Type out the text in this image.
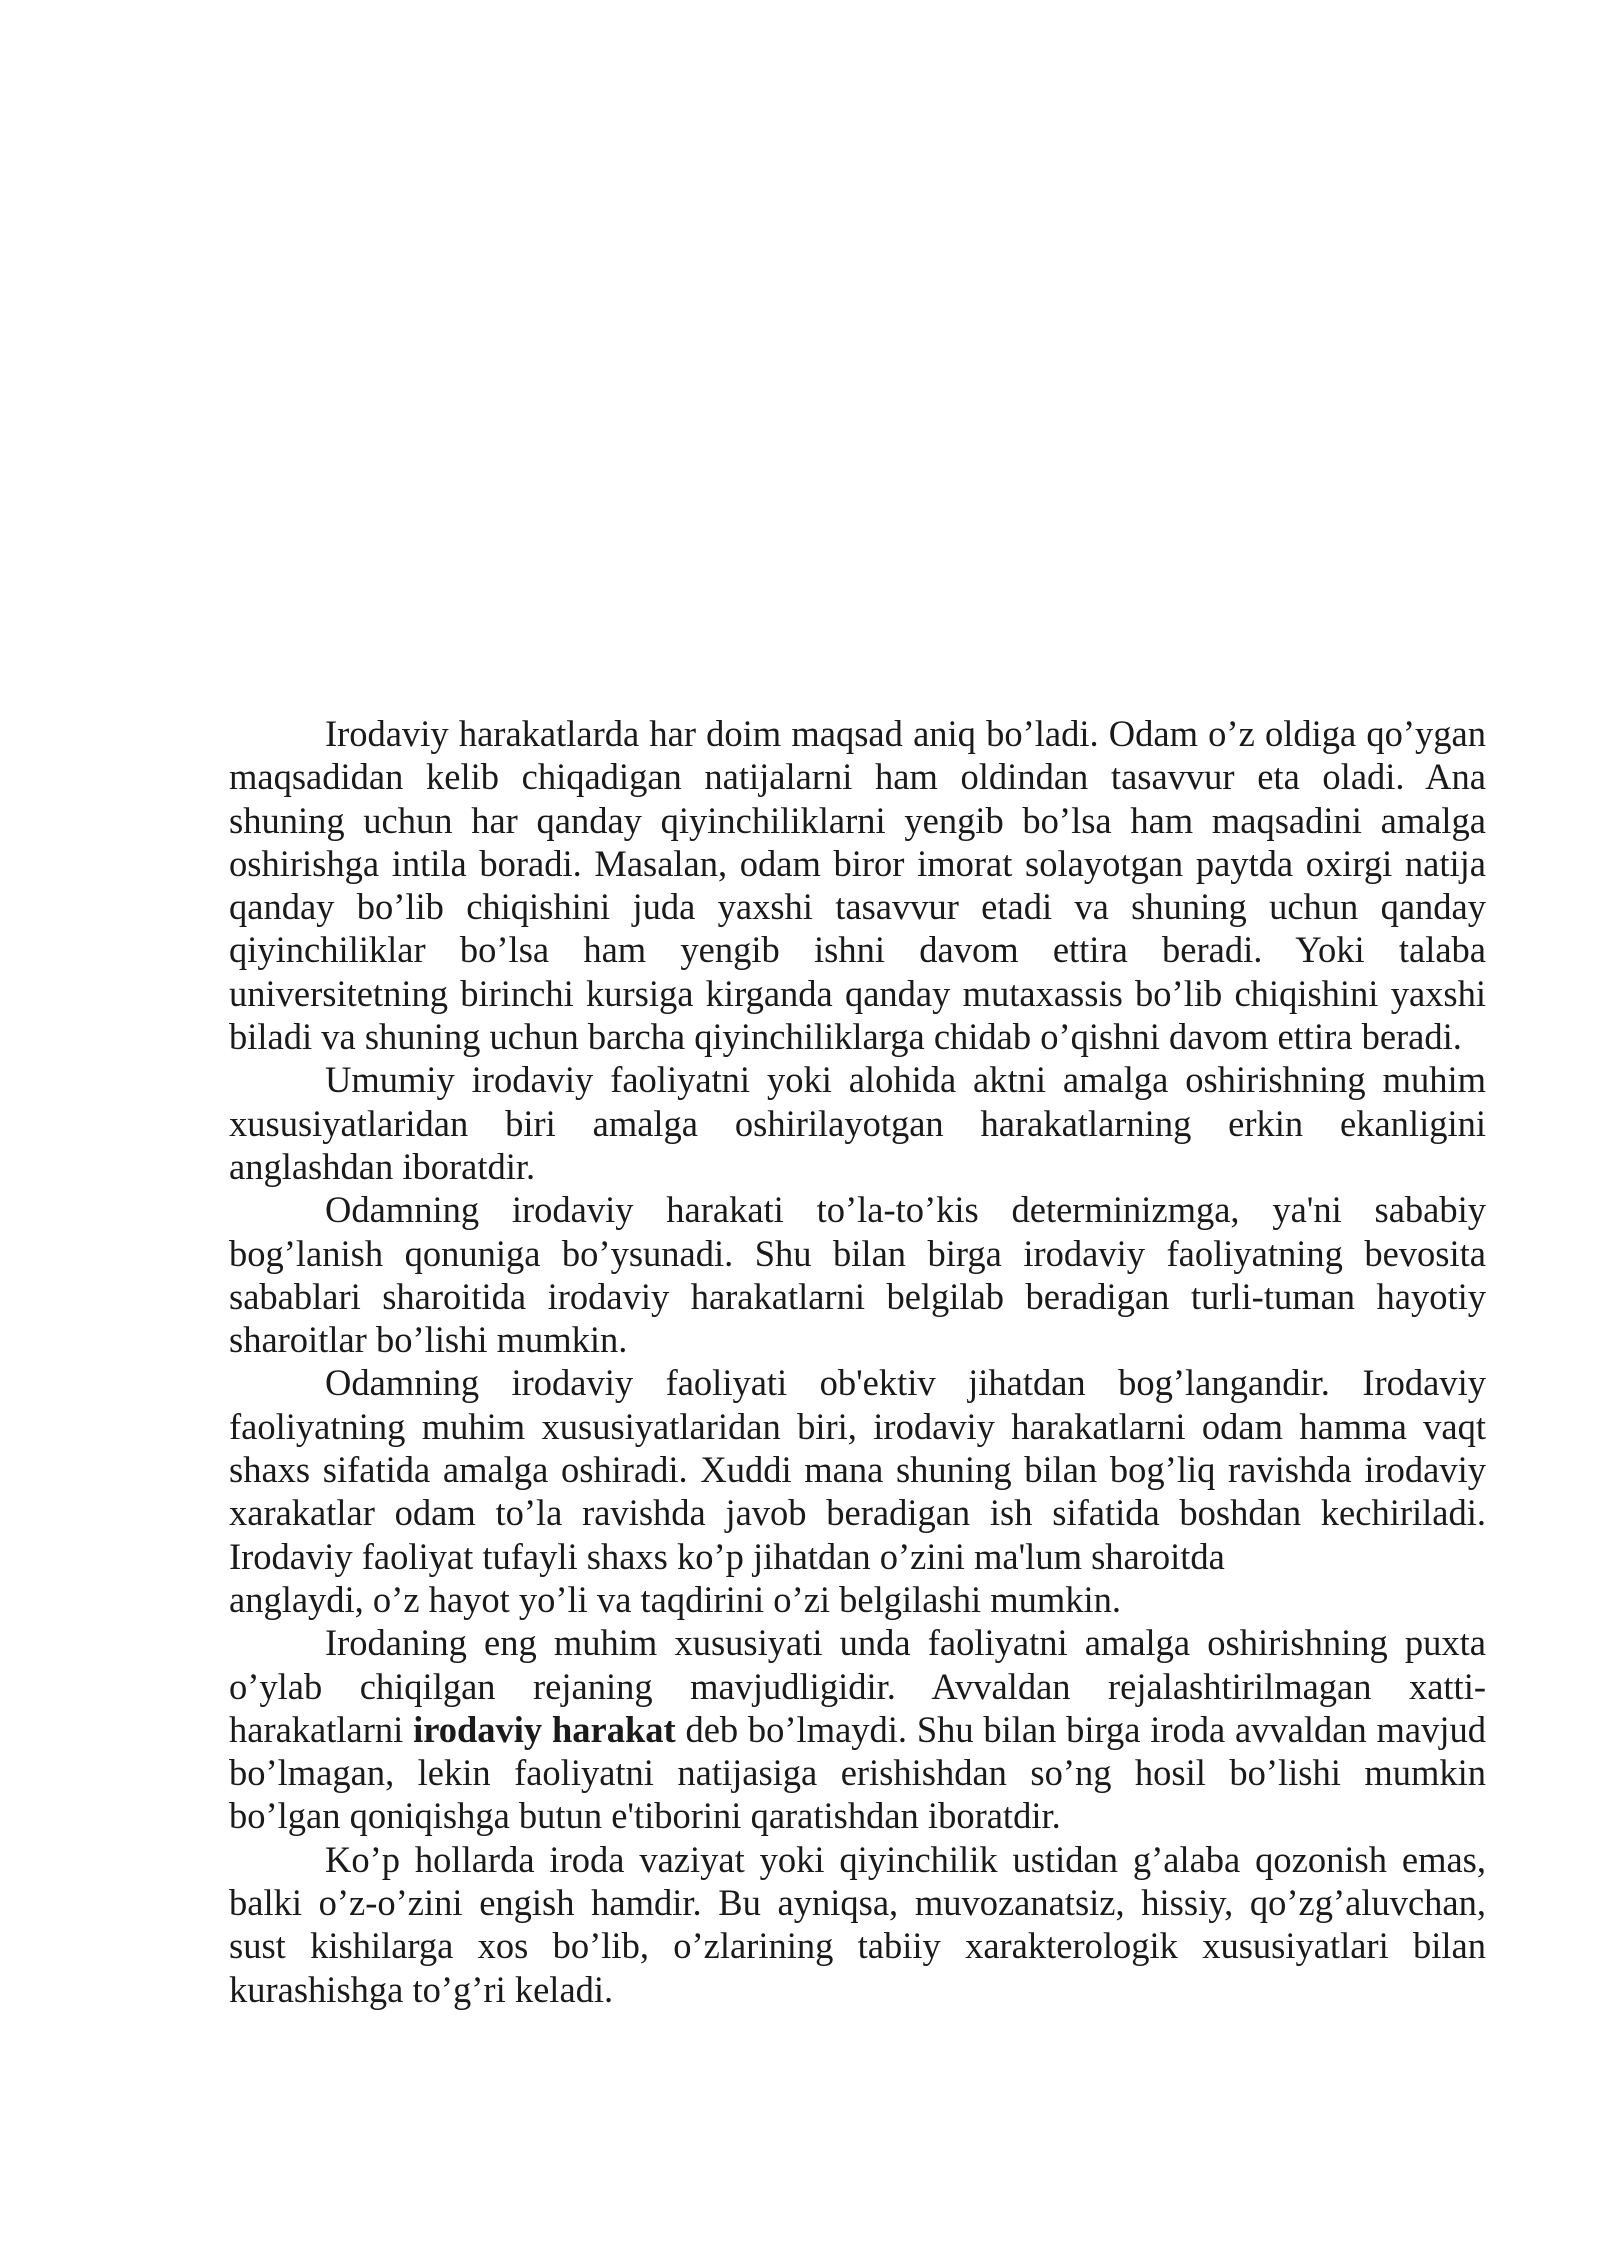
Irodaviy harakatlarda har doim maqsad aniq bo’ladi. Odam o’z oldiga qo’ygan maqsadidan kelib chiqadigan natijalarni ham oldindan tasavvur eta oladi. Ana shuning uchun har qanday qiyinchiliklarni yengib bo’lsa ham maqsadini amalga oshirishga intila boradi. Masalan, odam biror imorat solayotgan paytda oxirgi natija qanday bo’lib chiqishini juda yaxshi tasavvur etadi va shuning uchun qanday qiyinchiliklar bo’lsa ham yengib ishni davom ettira beradi. Yoki talaba universitetning birinchi kursiga kirganda qanday mutaxassis bo’lib chiqishini yaxshi biladi va shuning uchun barcha qiyinchiliklarga chidab o’qishni davom ettira beradi.

Umumiy irodaviy faoliyatni yoki alohida aktni amalga oshirishning muhim xususiyatlaridan biri amalga oshirilayotgan harakatlarning erkin ekanligini anglashdan iboratdir.

Odamning irodaviy harakati to’la-to’kis determinizmga, ya'ni sababiy bog’lanish qonuniga bo’ysunadi. Shu bilan birga irodaviy faoliyatning bevosita sabablari sharoitida irodaviy harakatlarni belgilab beradigan turli-tuman hayotiy sharoitlar bo’lishi mumkin.

Odamning irodaviy faoliyati ob'ektiv jihatdan bog’langandir. Irodaviy faoliyatning muhim xususiyatlaridan biri, irodaviy harakatlarni odam hamma vaqt shaxs sifatida amalga oshiradi. Xuddi mana shuning bilan bog’liq ravishda irodaviy xarakatlar odam to’la ravishda javob beradigan ish sifatida boshdan kechiriladi. Irodaviy faoliyat tufayli shaxs ko’p jihatdan o’zini ma'lum sharoitda
anglaydi, o’z hayot yo’li va taqdirini o’zi belgilashi mumkin.

Irodaning eng muhim xususiyati unda faoliyatni amalga oshirishning puxta o’ylab chiqilgan rejaning mavjudligidir. Avvaldan rejalashtirilmagan xatti-harakatlarni irodaviy harakat deb bo’lmaydi. Shu bilan birga iroda avvaldan mavjud bo’lmagan, lekin faoliyatni natijasiga erishishdan so’ng hosil bo’lishi mumkin bo’lgan qoniqishga butun e'tiborini qaratishdan iboratdir.

Ko’p hollarda iroda vaziyat yoki qiyinchilik ustidan g’alaba qozonish emas, balki o’z-o’zini engish hamdir. Bu ayniqsa, muvozanatsiz, hissiy, qo’zg’aluvchan, sust kishilarga xos bo’lib, o’zlarining tabiiy xarakterologik xususiyatlari bilan kurashishga to’g’ri keladi.
